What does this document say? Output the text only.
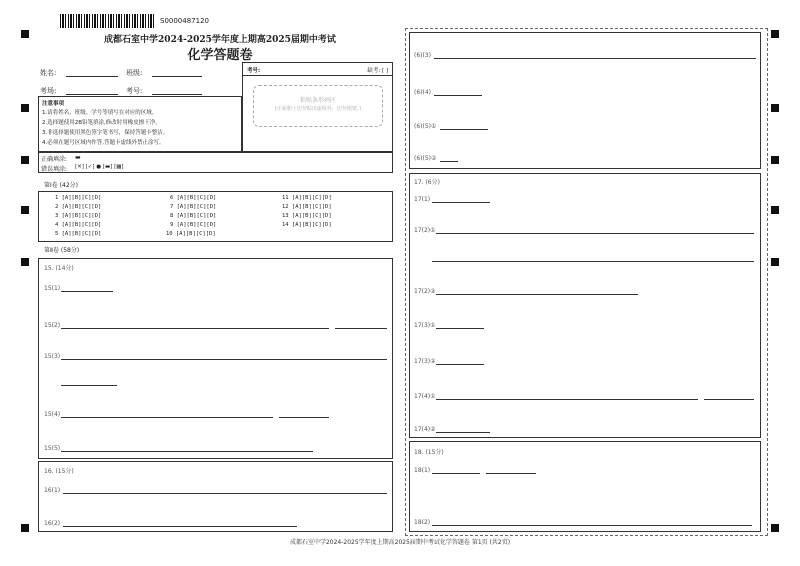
S0000487120
成都石室中学2024-2025学年度上期高2025届期中考试
化学答题卷
姓名:	班级:
考场:	考号:
考号:	缺考: [ ]
粘贴条形码区
(正面朝上切勿贴出虚线外，切勿褶皱。)
注意事项
1.请将姓名、班级、学号等填写在对应的区域。
2.选择题使用2B铅笔填涂,修改时用橡皮擦干净。
3.非选择题使用黑色签字笔书写，保持答题卡整洁。
4.必须在题号区域内作答,答题卡虚线外禁止涂写。
正确填涂: ▬
错误填涂: [✕] [✓] ● [▬] [▦]
第Ⅰ卷 (42分)
1 [A][B][C][D]
2 [A][B][C][D]
3 [A][B][C][D]
4 [A][B][C][D]
5 [A][B][C][D]
6 [A][B][C][D]
7 [A][B][C][D]
8 [A][B][C][D]
9 [A][B][C][D]
10 [A][B][C][D]
11 [A][B][C][D]
12 [A][B][C][D]
13 [A][B][C][D]
14 [A][B][C][D]
第Ⅱ卷 (58分)
15. (14分)
15(1)
15(2)
15(3)
15(4)
15(5)
16. (15分)
16(1)
16(2)
(6)(3)
(6)(4)
(6)(5)①
(6)(5)②
17. (6分)
17(1)
17(2)①
17(2)②
17(3)①
17(3)②
17(4)①
17(4)②
18. (15分)
18(1)
18(2)
成都石室中学2024-2025学年度上期高2025届期中考试化学答题卷 第1页 (共2页)
